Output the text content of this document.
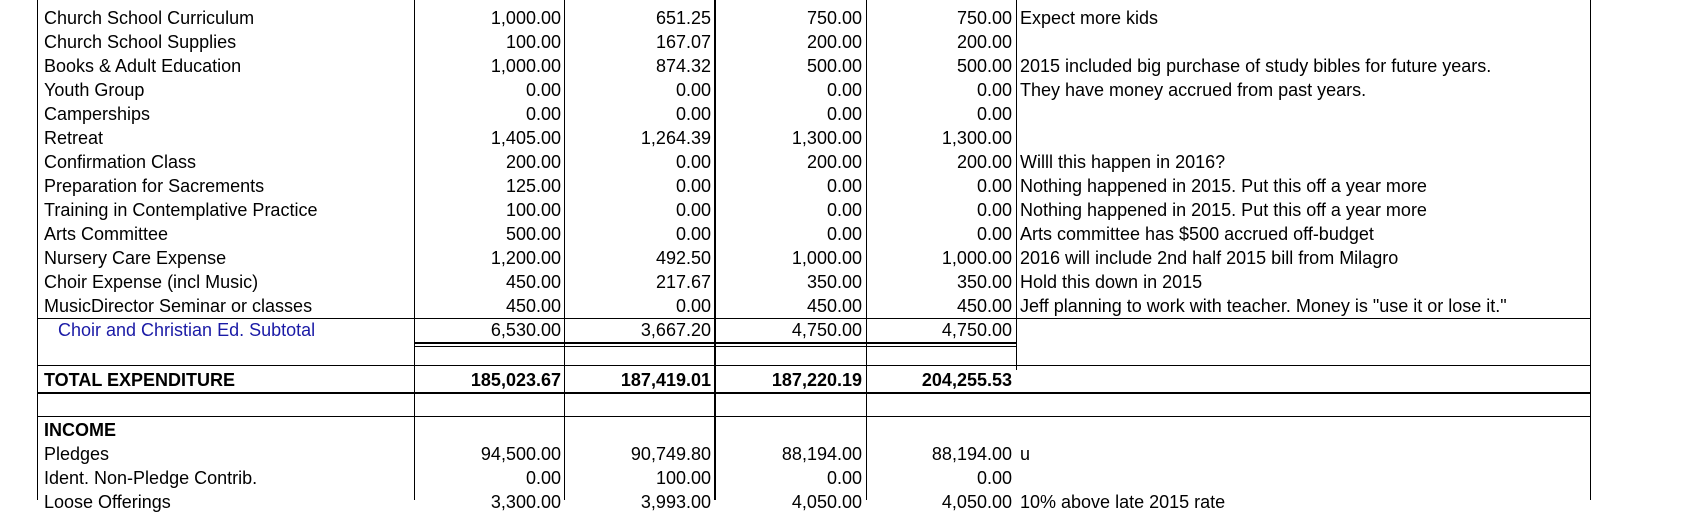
Church School Curriculum	1,000.00	651.25	750.00	750.00 Expect more kids
Church School Supplies	100.00	167.07	200.00	200.00
Books & Adult Education	1,000.00	874.32	500.00	500.00 2015 included big purchase of study bibles for future years.
Youth Group	0.00	0.00	0.00	0.00 They have money accrued from past years.
Camperships	0.00	0.00	0.00	0.00
Retreat	1,405.00	1,264.39	1,300.00	1,300.00
Confirmation Class	200.00	0.00	200.00	200.00 Willl this happen in 2016?
Preparation for Sacrements	125.00	0.00	0.00	0.00 Nothing happened in 2015. Put this off a year more
Training in Contemplative Practice	100.00	0.00	0.00	0.00 Nothing happened in 2015. Put this off a year more
Arts Committee	500.00	0.00	0.00	0.00 Arts committee has $500 accrued off-budget
Nursery Care Expense	1,200.00	492.50	1,000.00	1,000.00 2016 will include 2nd half 2015 bill from Milagro
Choir Expense (incl Music)	450.00	217.67	350.00	350.00 Hold this down in 2015
MusicDirector Seminar or classes	450.00	0.00	450.00	450.00 Jeff planning to work with teacher. Money is "use it or lose it."
Choir and Christian Ed. Subtotal	6,530.00	3,667.20	4,750.00	4,750.00
TOTAL EXPENDITURE	185,023.67	187,419.01	187,220.19	204,255.53
INCOME
Pledges	94,500.00	90,749.80	88,194.00	88,194.00 u
Ident. Non-Pledge Contrib.	0.00	100.00	0.00	0.00
Loose Offerings	3,300.00	3,993.00	4,050.00	4,050.00 10% above late 2015 rate
